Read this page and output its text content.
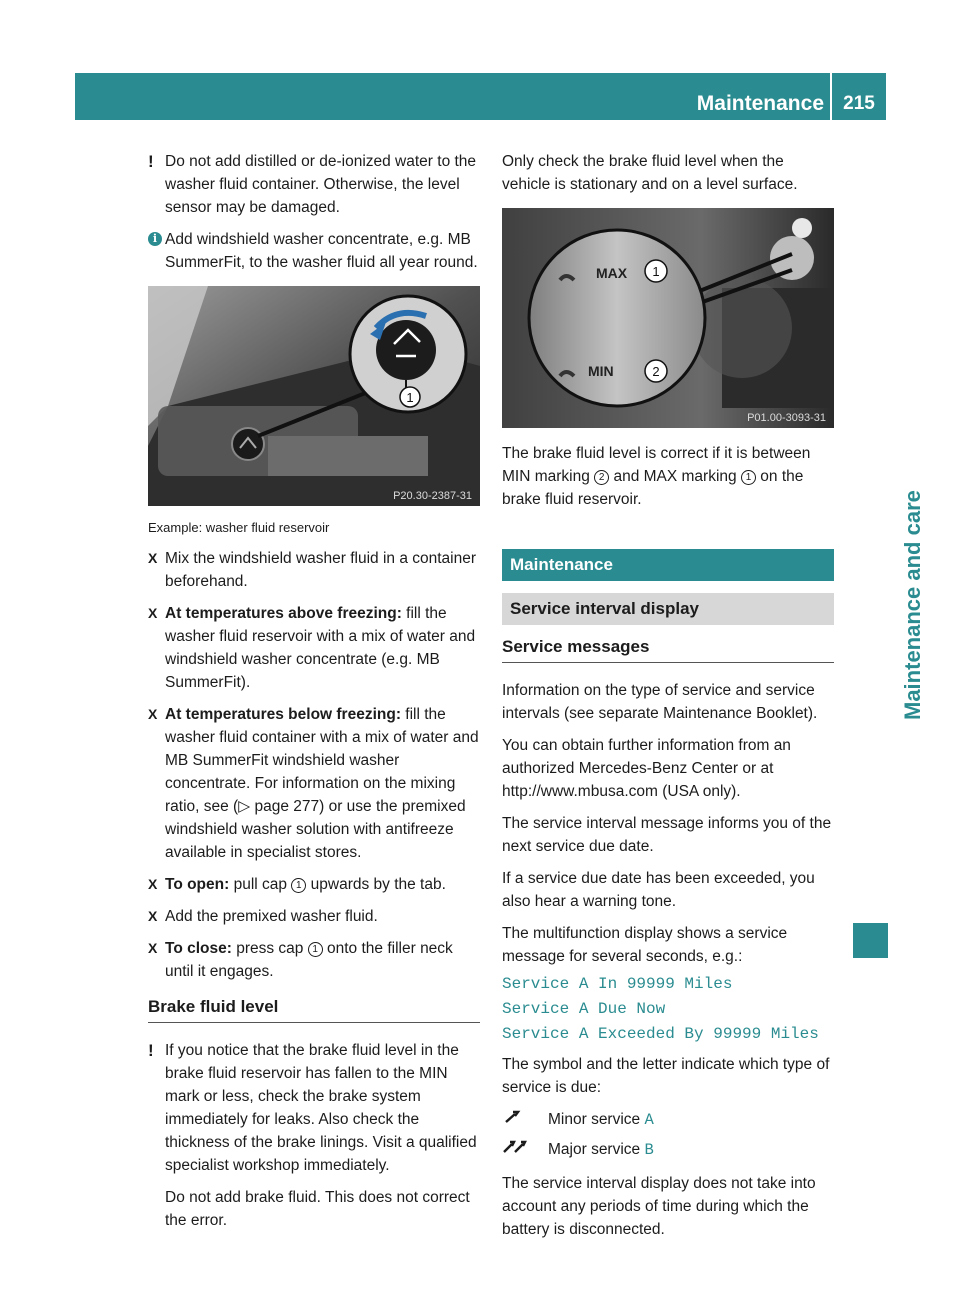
Maintenance	215
Maintenance and care

! Do not add distilled or de-ionized water to the washer fluid container. Otherwise, the level sensor may be damaged.

i Add windshield washer concentrate, e.g. MB SummerFit, to the washer fluid all year round.

1
P20.30-2387-31
Example: washer fluid reservoir

X Mix the windshield washer fluid in a container beforehand.

X At temperatures above freezing: fill the washer fluid reservoir with a mix of water and windshield washer concentrate (e.g. MB SummerFit).

X At temperatures below freezing: fill the washer fluid container with a mix of water and MB SummerFit windshield washer concentrate. For information on the mixing ratio, see (▷ page 277) or use the premixed windshield washer solution with antifreeze available in specialist stores.

X To open: pull cap 1 upwards by the tab.

X Add the premixed washer fluid.

X To close: press cap 1 onto the filler neck until it engages.

Brake fluid level

! If you notice that the brake fluid level in the brake fluid reservoir has fallen to the MIN mark or less, check the brake system immediately for leaks. Also check the thickness of the brake linings. Visit a qualified specialist workshop immediately.

Do not add brake fluid. This does not correct the error.

Only check the brake fluid level when the vehicle is stationary and on a level surface.

MAX 1
MIN	2
P01.00-3093-31

The brake fluid level is correct if it is between MIN marking 2 and MAX marking 1 on the brake fluid reservoir.

Maintenance
Service interval display
Service messages

Information on the type of service and service intervals (see separate Maintenance Booklet).

You can obtain further information from an authorized Mercedes-Benz Center or at http://www.mbusa.com (USA only).

The service interval message informs you of the next service due date.

If a service due date has been exceeded, you also hear a warning tone.

The multifunction display shows a service message for several seconds, e.g.:

Service A In 99999 Miles
Service A Due Now
Service A Exceeded By 99999 Miles

The symbol and the letter indicate which type of service is due:

Minor service A
Major service B

The service interval display does not take into account any periods of time during which the battery is disconnected.
